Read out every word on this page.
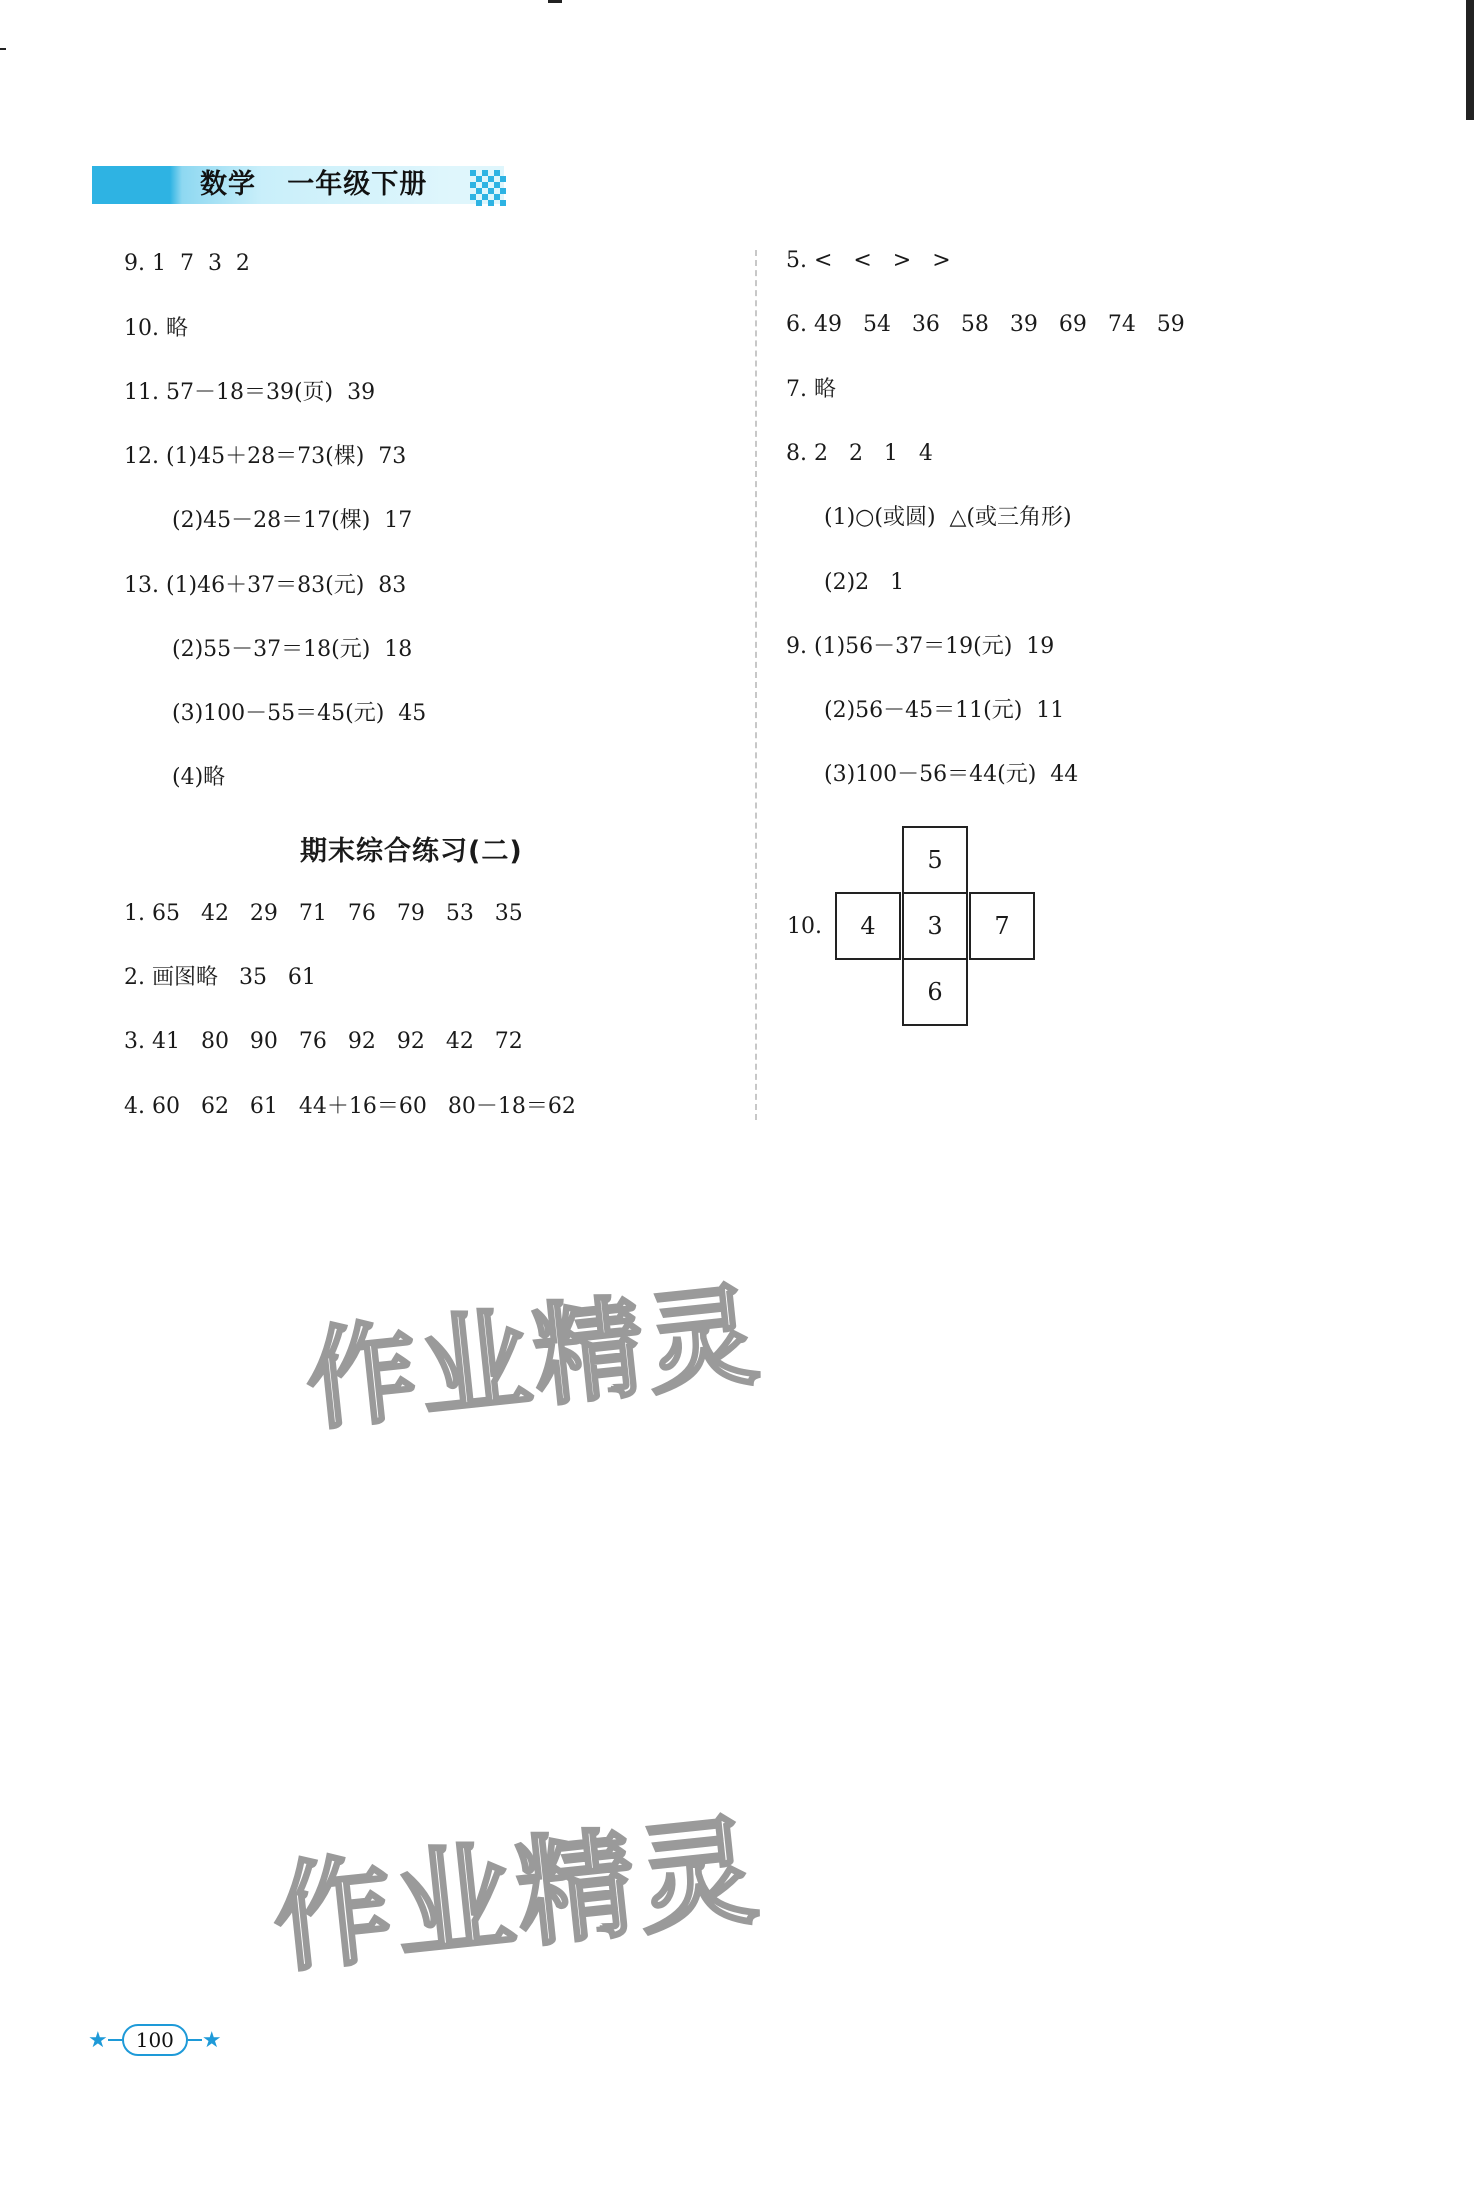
数学   一年级下册
9. 1  7  3  2
10. 略
11. 57－18＝39(页)  39
12. (1)45＋28＝73(棵)  73
(2)45－28＝17(棵)  17
13. (1)46＋37＝83(元)  83
(2)55－37＝18(元)  18
(3)100－55＝45(元)  45
(4)略
期末综合练习(二)
1. 65   42   29   71   76   79   53   35
2. 画图略   35   61
3. 41   80   90   76   92   92   42   72
4. 60   62   61   44＋16＝60   80－18＝62
5. <   <   >   >
6. 49   54   36   58   39   69   74   59
7. 略
8. 2   2   1   4
(1)○(或圆)  △(或三角形)
(2)2   1
9. (1)56－37＝19(元)  19
(2)56－45＝11(元)  11
(3)100－56＝44(元)  44
10.
5
4	3	7
6
作业精灵
作业精灵
★	100	★
